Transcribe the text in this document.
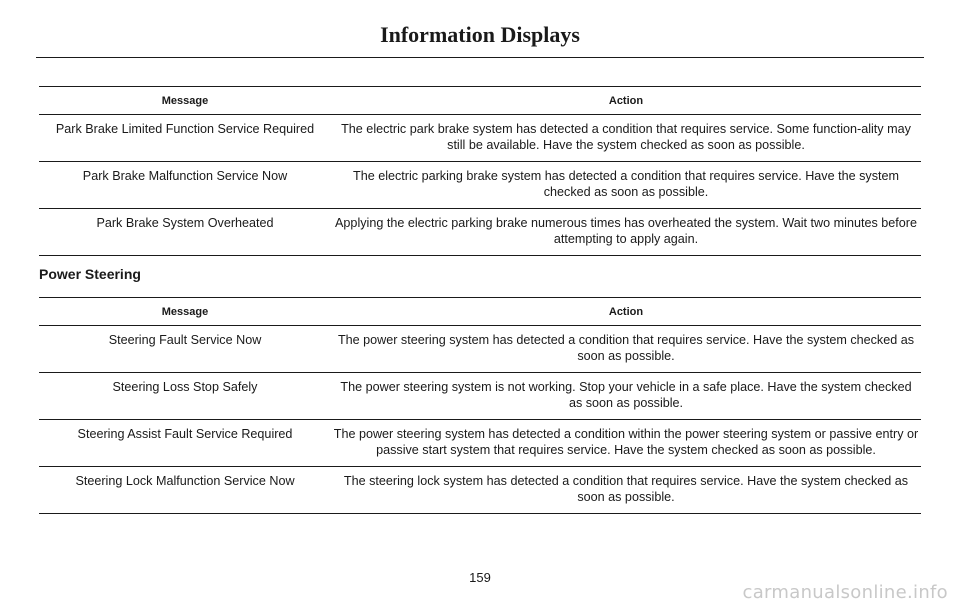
Information Displays
Message	Action
Park Brake Limited Function Service Required	The electric park brake system has detected a condition that requires service. Some function-ality may still be available. Have the system checked as soon as possible.
Park Brake Malfunction Service Now	The electric parking brake system has detected a condition that requires service. Have the system checked as soon as possible.
Park Brake System Overheated	Applying the electric parking brake numerous times has overheated the system. Wait two minutes before attempting to apply again.
Power Steering
Message	Action
Steering Fault Service Now	The power steering system has detected a condition that requires service. Have the system checked as soon as possible.
Steering Loss Stop Safely	The power steering system is not working. Stop your vehicle in a safe place. Have the system checked as soon as possible.
Steering Assist Fault Service Required	The power steering system has detected a condition within the power steering system or passive entry or passive start system that requires service. Have the system checked as soon as possible.
Steering Lock Malfunction Service Now	The steering lock system has detected a condition that requires service. Have the system checked as soon as possible.
159
carmanualsonline.info
